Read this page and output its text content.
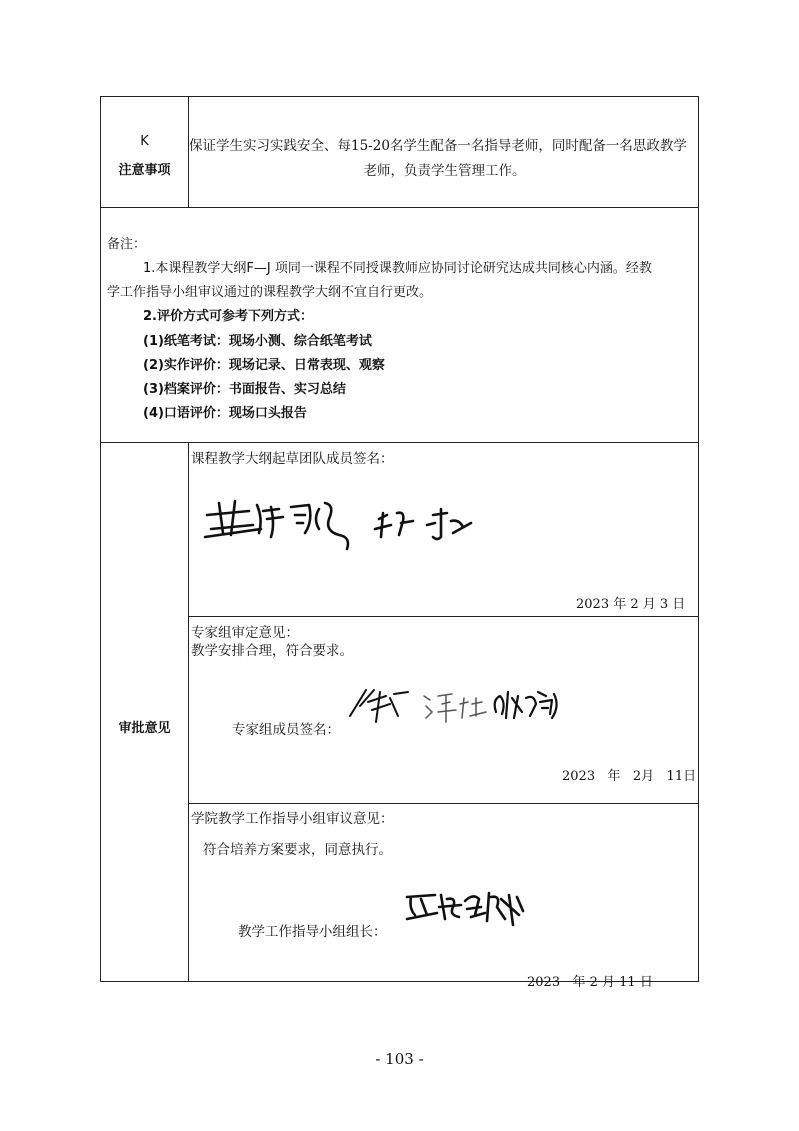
K
注意事项
保证学生实习实践安全、每15-20名学生配备一名指导老师，同时配备一名思政教学
老师，负责学生管理工作。
备注：
1.本课程教学大纲F—J 项同一课程不同授课教师应协同讨论研究达成共同核心内涵。经教
学工作指导小组审议通过的课程教学大纲不宜自行更改。
2.评价方式可参考下列方式：
(1)纸笔考试：现场小测、综合纸笔考试
(2)实作评价：现场记录、日常表现、观察
(3)档案评价：书面报告、实习总结
(4)口语评价：现场口头报告
审批意见
课程教学大纲起草团队成员签名：
2023 年 2 月 3 日
专家组审定意见：
教学安排合理，符合要求。
专家组成员签名：
2023   年   2月   11日
学院教学工作指导小组审议意见：
符合培养方案要求，同意执行。
教学工作指导小组组长：
2023   年 2 月 11 日
- 103 -
